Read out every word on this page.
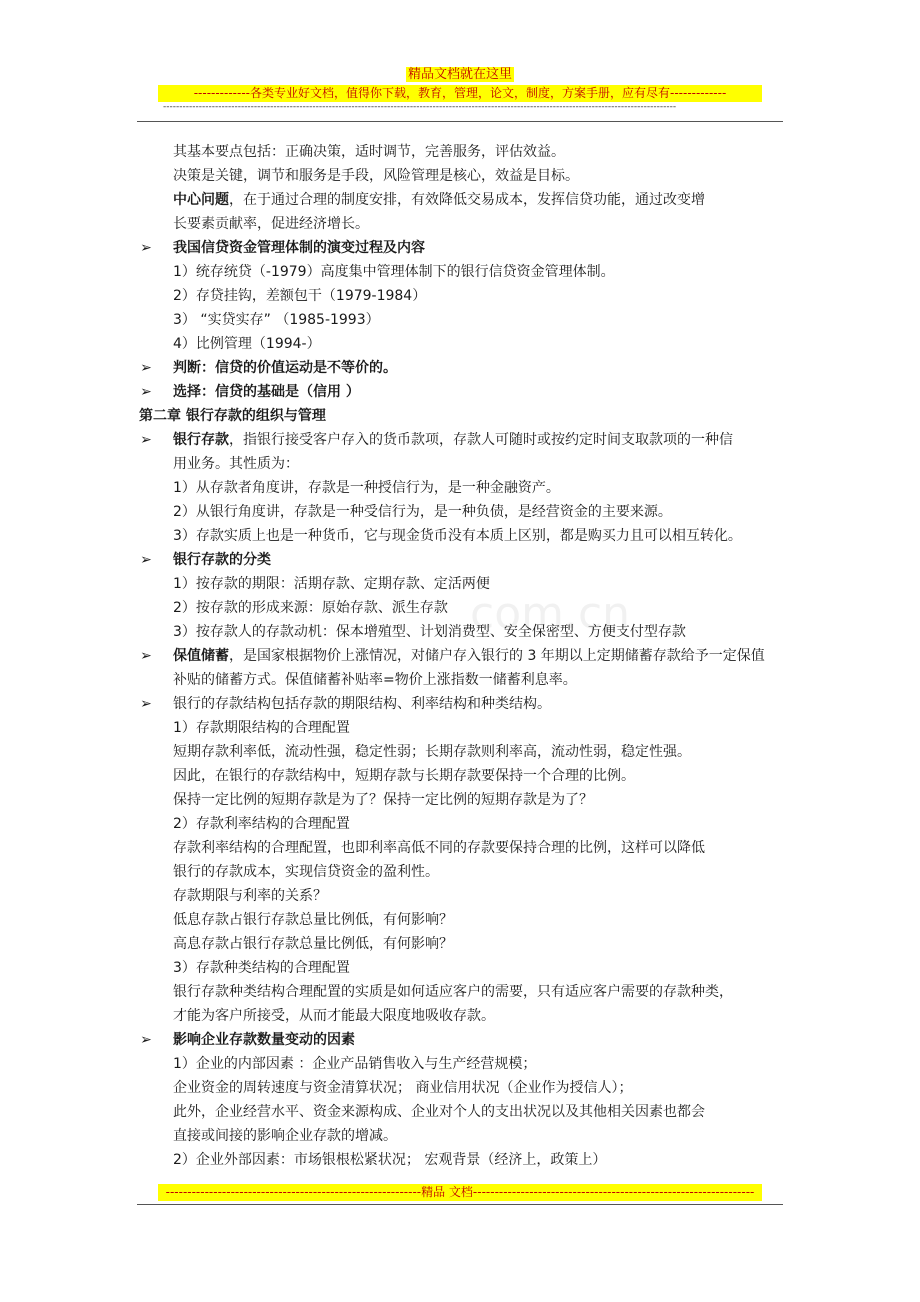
精品文档就在这里
-------------各类专业好文档，值得你下载，教育，管理，论文，制度，方案手册，应有尽有-------------
--------------------------------------------------------------------------------------------------------------------------------------------------------------
com.cn
其基本要点包括：正确决策，适时调节，完善服务，评估效益。
决策是关键，调节和服务是手段，风险管理是核心，效益是目标。
中心问题，在于通过合理的制度安排，有效降低交易成本，发挥信贷功能，通过改变增
长要素贡献率，促进经济增长。
➢ 我国信贷资金管理体制的演变过程及内容
1）统存统贷（-1979）高度集中管理体制下的银行信贷资金管理体制。
2）存贷挂钩，差额包干（1979-1984）
3） “实贷实存” （1985-1993）
4）比例管理（1994-）
➢ 判断：信贷的价值运动是不等价的。
➢ 选择：信贷的基础是（信用 ）
第二章 银行存款的组织与管理
➢ 银行存款，指银行接受客户存入的货币款项，存款人可随时或按约定时间支取款项的一种信
用业务。其性质为：
1）从存款者角度讲，存款是一种授信行为，是一种金融资产。
2）从银行角度讲，存款是一种受信行为，是一种负债，是经营资金的主要来源。
3）存款实质上也是一种货币，它与现金货币没有本质上区别，都是购买力且可以相互转化。
➢ 银行存款的分类
1）按存款的期限：活期存款、定期存款、定活两便
2）按存款的形成来源：原始存款、派生存款
3）按存款人的存款动机：保本增殖型、计划消费型、安全保密型、方便支付型存款
➢ 保值储蓄，是国家根据物价上涨情况，对储户存入银行的 3 年期以上定期储蓄存款给予一定保值
补贴的储蓄方式。保值储蓄补贴率=物价上涨指数一储蓄利息率。
➢ 银行的存款结构包括存款的期限结构、利率结构和种类结构。
1）存款期限结构的合理配置
短期存款利率低，流动性强，稳定性弱；长期存款则利率高，流动性弱，稳定性强。
因此，在银行的存款结构中，短期存款与长期存款要保持一个合理的比例。
保持一定比例的短期存款是为了？保持一定比例的短期存款是为了？
2）存款利率结构的合理配置
存款利率结构的合理配置，也即利率高低不同的存款要保持合理的比例，这样可以降低
银行的存款成本，实现信贷资金的盈利性。
存款期限与利率的关系？
低息存款占银行存款总量比例低，有何影响？
高息存款占银行存款总量比例低，有何影响？
3）存款种类结构的合理配置
银行存款种类结构合理配置的实质是如何适应客户的需要，只有适应客户需要的存款种类，
才能为客户所接受，从而才能最大限度地吸收存款。
➢ 影响企业存款数量变动的因素
1）企业的内部因素 ：企业产品销售收入与生产经营规模；
企业资金的周转速度与资金清算状况； 商业信用状况（企业作为授信人）；
此外，企业经营水平、资金来源构成、企业对个人的支出状况以及其他相关因素也都会
直接或间接的影响企业存款的增减。
2）企业外部因素：市场银根松紧状况； 宏观背景（经济上，政策上）
-----------------------------------------------------------精品 文档-----------------------------------------------------------------
